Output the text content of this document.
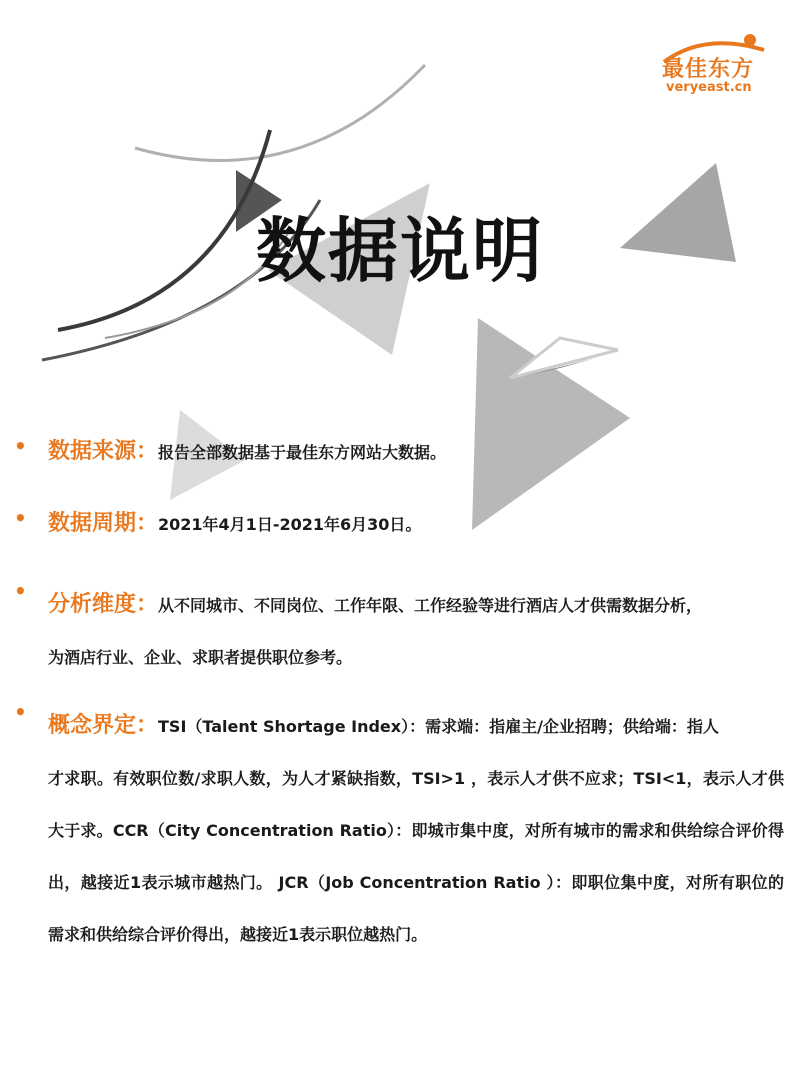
最佳东方
veryeast.cn
数据说明
• 数据来源：报告全部数据基于最佳东方网站大数据。
• 数据周期：2021年4月1日-2021年6月30日。
•
分析维度：从不同城市、不同岗位、工作年限、工作经验等进行酒店人才供需数据分析，
为酒店行业、企业、求职者提供职位参考。
•
概念界定：TSI（Talent Shortage Index）：需求端：指雇主/企业招聘；供给端：指人
才求职。有效职位数/求职人数，为人才紧缺指数，TSI>1 ，表示人才供不应求；TSI<1，表示人才供大于求。CCR（City Concentration Ratio）：即城市集中度，对所有城市的需求和供给综合评价得出，越接近1表示城市越热门。 JCR（Job Concentration Ratio ）：即职位集中度，对所有职位的需求和供给综合评价得出，越接近1表示职位越热门。
